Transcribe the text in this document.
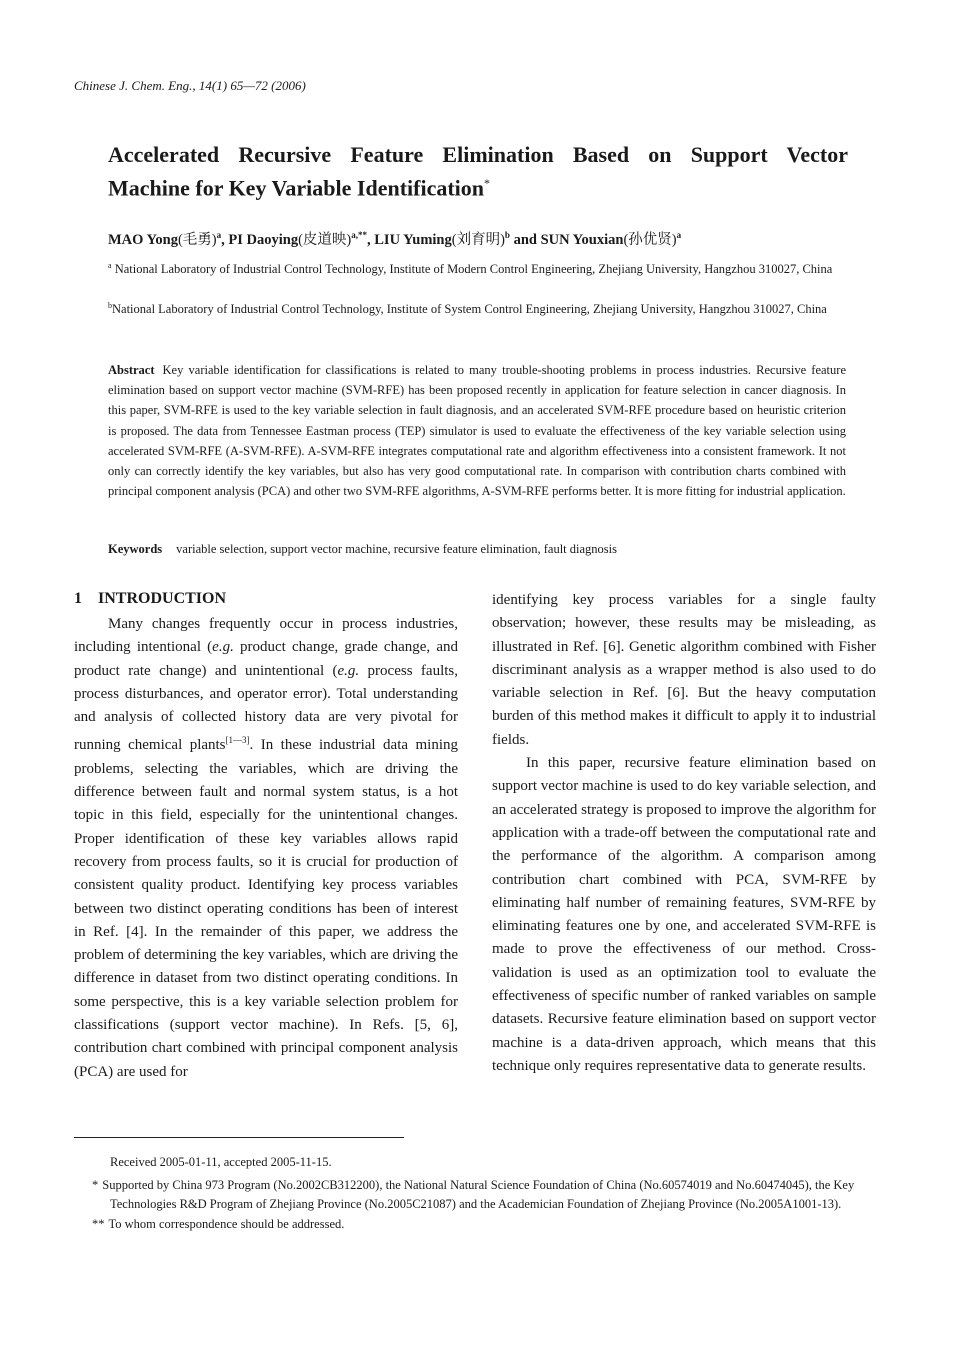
Chinese J. Chem. Eng., 14(1) 65—72 (2006)
Accelerated Recursive Feature Elimination Based on Support Vector
Machine for Key Variable Identification*
MAO Yong(毛勇)$^a$, PI Daoying(皮道映)$^{a,**}$, LIU Yuming(刘育明)$^b$ and SUN Youxian(孙优贤)$^a$
$^a$ National Laboratory of Industrial Control Technology, Institute of Modern Control Engineering, Zhejiang University, Hangzhou 310027, China
$^b$National Laboratory of Industrial Control Technology, Institute of System Control Engineering, Zhejiang University, Hangzhou 310027, China
Abstract Key variable identification for classifications is related to many trouble-shooting problems in process industries. Recursive feature elimination based on support vector machine (SVM-RFE) has been proposed recently in application for feature selection in cancer diagnosis. In this paper, SVM-RFE is used to the key variable selection in fault diagnosis, and an accelerated SVM-RFE procedure based on heuristic criterion is proposed. The data from Tennessee Eastman process (TEP) simulator is used to evaluate the effectiveness of the key variable selection using accelerated SVM-RFE (A-SVM-RFE). A-SVM-RFE integrates computational rate and algorithm effectiveness into a consistent framework. It not only can correctly identify the key variables, but also has very good computational rate. In comparison with contribution charts combined with principal component analysis (PCA) and other two SVM-RFE algorithms, A-SVM-RFE performs better. It is more fitting for industrial application.
Keywords variable selection, support vector machine, recursive feature elimination, fault diagnosis
1 INTRODUCTION

Many changes frequently occur in process industries, including intentional (e.g. product change, grade change, and product rate change) and unintentional (e.g. process faults, process disturbances, and operator error). Total understanding and analysis of collected history data are very pivotal for running chemical plants[1—3]. In these industrial data mining problems, selecting the variables, which are driving the difference between fault and normal system status, is a hot topic in this field, especially for the unintentional changes. Proper identification of these key variables allows rapid recovery from process faults, so it is crucial for production of consistent quality product. Identifying key process variables between two distinct operating conditions has been of interest in Ref. [4]. In the remainder of this paper, we address the problem of determining the key variables, which are driving the difference in dataset from two distinct operating conditions. In some perspective, this is a key variable selection problem for classifications (support vector machine). In Refs. [5, 6], contribution chart combined with principal component analysis (PCA) are used for

identifying key process variables for a single faulty observation; however, these results may be misleading, as illustrated in Ref. [6]. Genetic algorithm combined with Fisher discriminant analysis as a wrapper method is also used to do variable selection in Ref. [6]. But the heavy computation burden of this method makes it difficult to apply it to industrial fields.

In this paper, recursive feature elimination based on support vector machine is used to do key variable selection, and an accelerated strategy is proposed to improve the algorithm for application with a trade-off between the computational rate and the performance of the algorithm. A comparison among contribution chart combined with PCA, SVM-RFE by eliminating half number of remaining features, SVM-RFE by eliminating features one by one, and accelerated SVM-RFE is made to prove the effectiveness of our method. Cross-validation is used as an optimization tool to evaluate the effectiveness of specific number of ranked variables on sample datasets. Recursive feature elimination based on support vector machine is a data-driven approach, which means that this technique only requires representative data to generate results.

Received 2005-01-11, accepted 2005-11-15.

* Supported by China 973 Program (No.2002CB312200), the National Natural Science Foundation of China (No.60574019 and No.60474045), the Key Technologies R&D Program of Zhejiang Province (No.2005C21087) and the Academician Foundation of Zhejiang Province (No.2005A1001-13).

** To whom correspondence should be addressed.
